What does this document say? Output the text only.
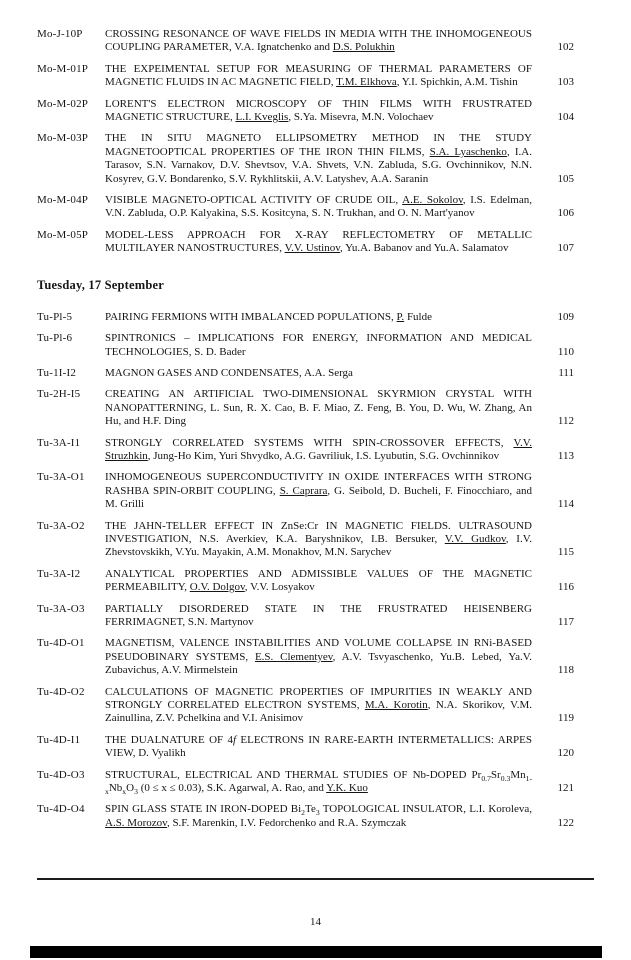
Mo-J-10P	CROSSING RESONANCE OF WAVE FIELDS IN MEDIA WITH THE INHOMOGENEOUS COUPLING PARAMETER, V.A. Ignatchenko and D.S. Polukhin	102
Mo-M-01P	THE EXPEIMENTAL SETUP FOR MEASURING OF THERMAL PARAMETERS OF MAGNETIC FLUIDS IN AC MAGNETIC FIELD, T.M. Elkhova, Y.I. Spichkin, A.M. Tishin	103
Mo-M-02P	LORENT'S ELECTRON MICROSCOPY OF THIN FILMS WITH FRUSTRATED MAGNETIC STRUCTURE, L.I. Kveglis, S.Ya. Misevra, M.N. Volochaev	104
Mo-M-03P	THE IN SITU MAGNETO ELLIPSOMETRY METHOD IN THE STUDY MAGNETOOPTICAL PROPERTIES OF THE IRON THIN FILMS, S.A. Lyaschenko, I.A. Tarasov, S.N. Varnakov, D.V. Shevtsov, V.A. Shvets, V.N. Zabluda, S.G. Ovchinnikov, N.N. Kosyrev, G.V. Bondarenko, S.V. Rykhlitskii, A.V. Latyshev, A.A. Saranin	105
Mo-M-04P	VISIBLE MAGNETO-OPTICAL ACTIVITY OF CRUDE OIL, A.E. Sokolov, I.S. Edelman, V.N. Zabluda, O.P. Kalyakina, S.S. Kositcyna, S. N. Trukhan, and O. N. Mart'yanov	106
Mo-M-05P	MODEL-LESS APPROACH FOR X-RAY REFLECTOMETRY OF METALLIC MULTILAYER NANOSTRUCTURES, V.V. Ustinov, Yu.A. Babanov and Yu.A. Salamatov	107
Tuesday, 17 September
Tu-Pl-5	PAIRING FERMIONS WITH IMBALANCED POPULATIONS, P. Fulde	109
Tu-Pl-6	SPINTRONICS – IMPLICATIONS FOR ENERGY, INFORMATION AND MEDICAL TECHNOLOGIES, S. D. Bader	110
Tu-1I-I2	MAGNON GASES AND CONDENSATES, A.A. Serga	111
Tu-2H-I5	CREATING AN ARTIFICIAL TWO-DIMENSIONAL SKYRMION CRYSTAL WITH NANOPATTERNING, L. Sun, R. X. Cao, B. F. Miao, Z. Feng, B. You, D. Wu, W. Zhang, An Hu, and H.F. Ding	112
Tu-3A-I1	STRONGLY CORRELATED SYSTEMS WITH SPIN-CROSSOVER EFFECTS, V.V. Struzhkin, Jung-Ho Kim, Yuri Shvydko, A.G. Gavriliuk, I.S. Lyubutin, S.G. Ovchinnikov	113
Tu-3A-O1	INHOMOGENEOUS SUPERCONDUCTIVITY IN OXIDE INTERFACES WITH STRONG RASHBA SPIN-ORBIT COUPLING, S. Caprara, G. Seibold, D. Bucheli, F. Finocchiaro, and M. Grilli	114
Tu-3A-O2	THE JAHN-TELLER EFFECT IN ZnSe:Cr IN MAGNETIC FIELDS. ULTRASOUND INVESTIGATION, N.S. Averkiev, K.A. Baryshnikov, I.B. Bersuker, V.V. Gudkov, I.V. Zhevstovskikh, V.Yu. Mayakin, A.M. Monakhov, M.N. Sarychev	115
Tu-3A-I2	ANALYTICAL PROPERTIES AND ADMISSIBLE VALUES OF THE MAGNETIC PERMEABILITY, O.V. Dolgov, V.V. Losyakov	116
Tu-3A-O3	PARTIALLY DISORDERED STATE IN THE FRUSTRATED HEISENBERG FERRIMAGNET, S.N. Martynov	117
Tu-4D-O1	MAGNETISM, VALENCE INSTABILITIES AND VOLUME COLLAPSE IN RNi-BASED PSEUDOBINARY SYSTEMS, E.S. Clementyev, A.V. Tsvyaschenko, Yu.B. Lebed, Ya.V. Zubavichus, A.V. Mirmelstein	118
Tu-4D-O2	CALCULATIONS OF MAGNETIC PROPERTIES OF IMPURITIES IN WEAKLY AND STRONGLY CORRELATED ELECTRON SYSTEMS, M.A. Korotin, N.A. Skorikov, V.M. Zainullina, Z.V. Pchelkina and V.I. Anisimov	119
Tu-4D-I1	THE DUALNATURE OF 4f ELECTRONS IN RARE-EARTH INTERMETALLICS: ARPES VIEW, D. Vyalikh	120
Tu-4D-O3	STRUCTURAL, ELECTRICAL AND THERMAL STUDIES OF Nb-DOPED $Pr_{0.7}Sr_{0.3}Mn_{1-x}Nb_xO_3$ (0 ≤ x ≤ 0.03), S.K. Agarwal, A. Rao, and Y.K. Kuo	121
Tu-4D-O4	SPIN GLASS STATE IN IRON-DOPED $Bi_2Te_3$ TOPOLOGICAL INSULATOR, L.I. Koroleva, A.S. Morozov, S.F. Marenkin, I.V. Fedorchenko and R.A. Szymczak	122
14
